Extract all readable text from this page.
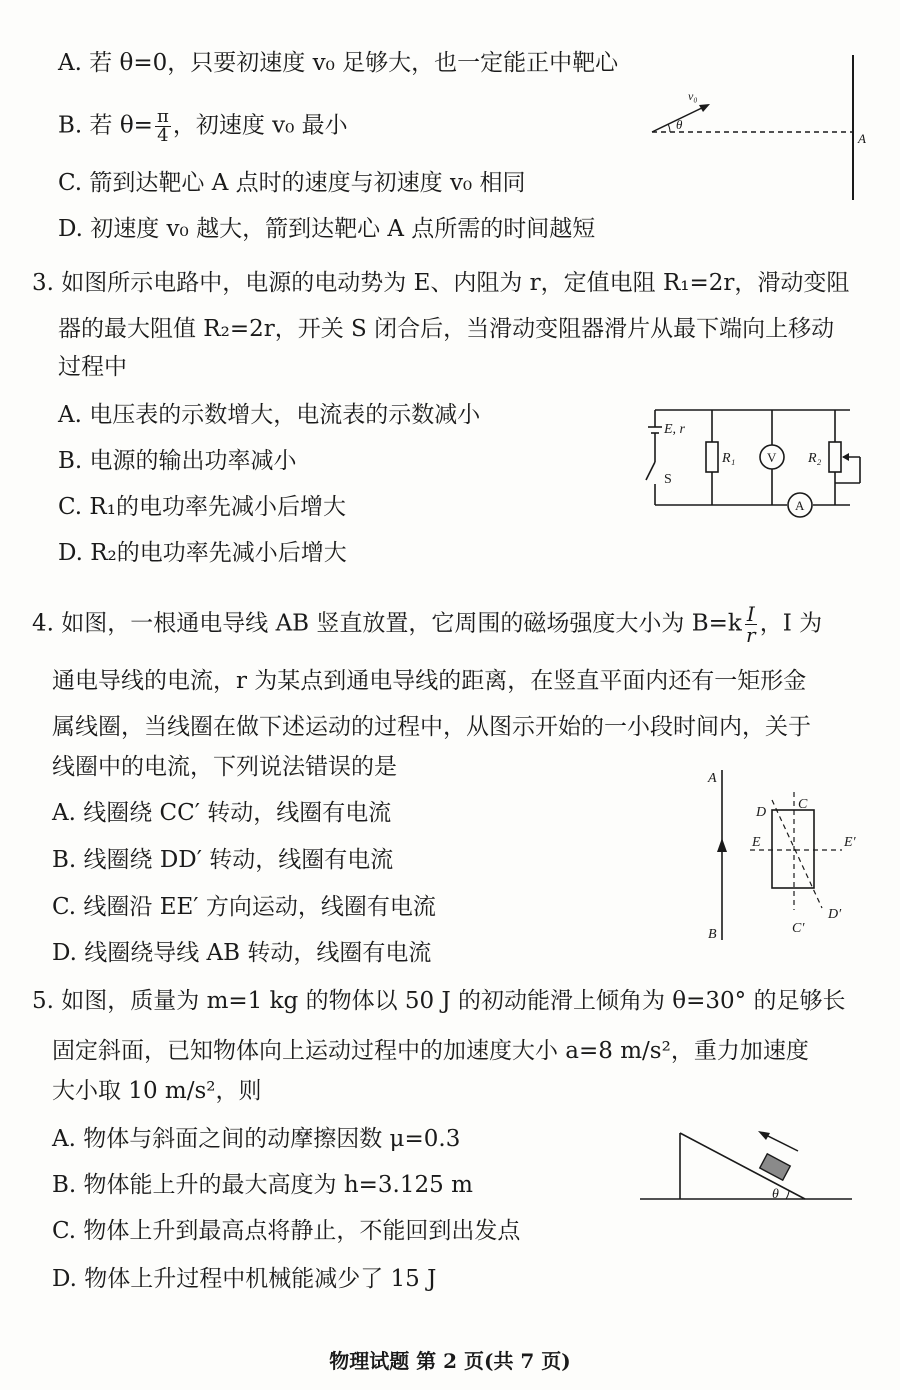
A. 若 θ=0，只要初速度 v₀ 足够大，也一定能正中靶心
B. 若 $\theta= \frac{\pi}{4}$ ，初速度 v₀ 最小
C. 箭到达靶心 A 点时的速度与初速度 v₀ 相同
D. 初速度 v₀ 越大，箭到达靶心 A 点所需的时间越短
v₀
θ
A
3. 如图所示电路中，电源的电动势为 E、内阻为 r，定值电阻 R₁=2r，滑动变阻
器的最大阻值 R₂=2r，开关 S 闭合后，当滑动变阻器滑片从最下端向上移动
过程中
A. 电压表的示数增大，电流表的示数减小
B. 电源的输出功率减小
C. R₁的电功率先减小后增大
D. R₂的电功率先减小后增大
E, r
R₁ V R₂
A
S
4. 如图，一根通电导线 AB 竖直放置，它周围的磁场强度大小为 $B=k \frac{I}{r}$ ，I 为
通电导线的电流，r 为某点到通电导线的距离，在竖直平面内还有一矩形金
属线圈，当线圈在做下述运动的过程中，从图示开始的一小段时间内，关于
线圈中的电流，下列说法错误的是
A. 线圈绕 CC′ 转动，线圈有电流
B. 线圈绕 DD′ 转动，线圈有电流
C. 线圈沿 EE′ 方向运动，线圈有电流
D. 线圈绕导线 AB 转动，线圈有电流
A
B
C
C′
D
D′
E	E′
5. 如图，质量为 m=1 kg 的物体以 50 J 的初动能滑上倾角为 θ=30° 的足够长
固定斜面，已知物体向上运动过程中的加速度大小 a=8 m/s²，重力加速度
大小取 10 m/s²，则
A. 物体与斜面之间的动摩擦因数 μ=0.3
B. 物体能上升的最大高度为 h=3.125 m
C. 物体上升到最高点将静止，不能回到出发点
D. 物体上升过程中机械能减少了 15 J
θ
物理试题 第 2 页(共 7 页)
